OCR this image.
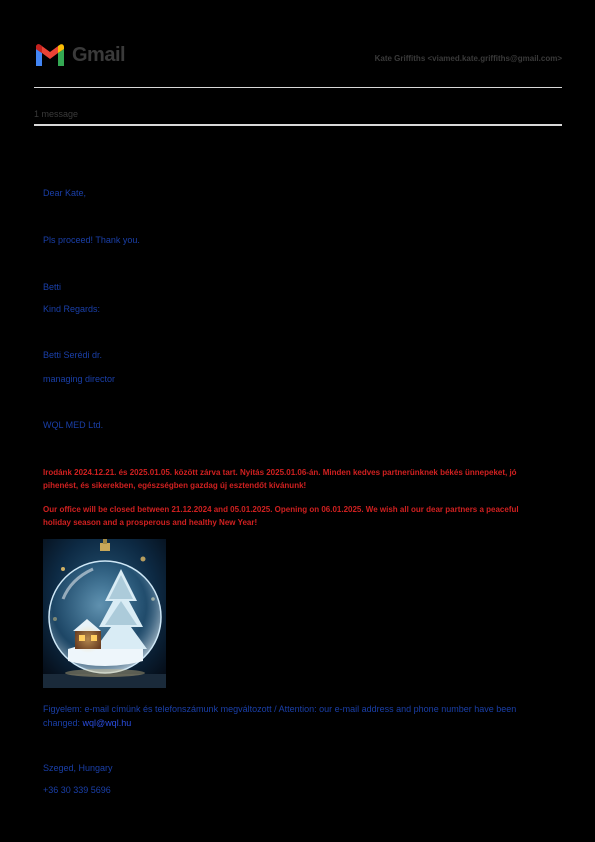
Gmail	Kate Griffiths <viamed.kate.griffiths@gmail.com>
1 message
Dear Kate,
Pls proceed! Thank you.
Betti
Kind Regards:
Betti Serédi dr.
managing director
WQL MED Ltd.
Irodánk 2024.12.21. és 2025.01.05. között zárva tart. Nyitás 2025.01.06-án. Minden kedves partnerünknek békés ünnepeket, jó pihenést, és sikerekben, egészségben gazdag új esztendőt kívánunk!
Our office will be closed between 21.12.2024 and 05.01.2025. Opening on 06.01.2025. We wish all our dear partners a peaceful holiday season and a prosperous and healthy New Year!
Figyelem: e-mail címünk és telefonszámunk megváltozott / Attention: our e-mail address and phone number have been changed: wql@wql.hu
Szeged, Hungary
+36 30 339 5696
